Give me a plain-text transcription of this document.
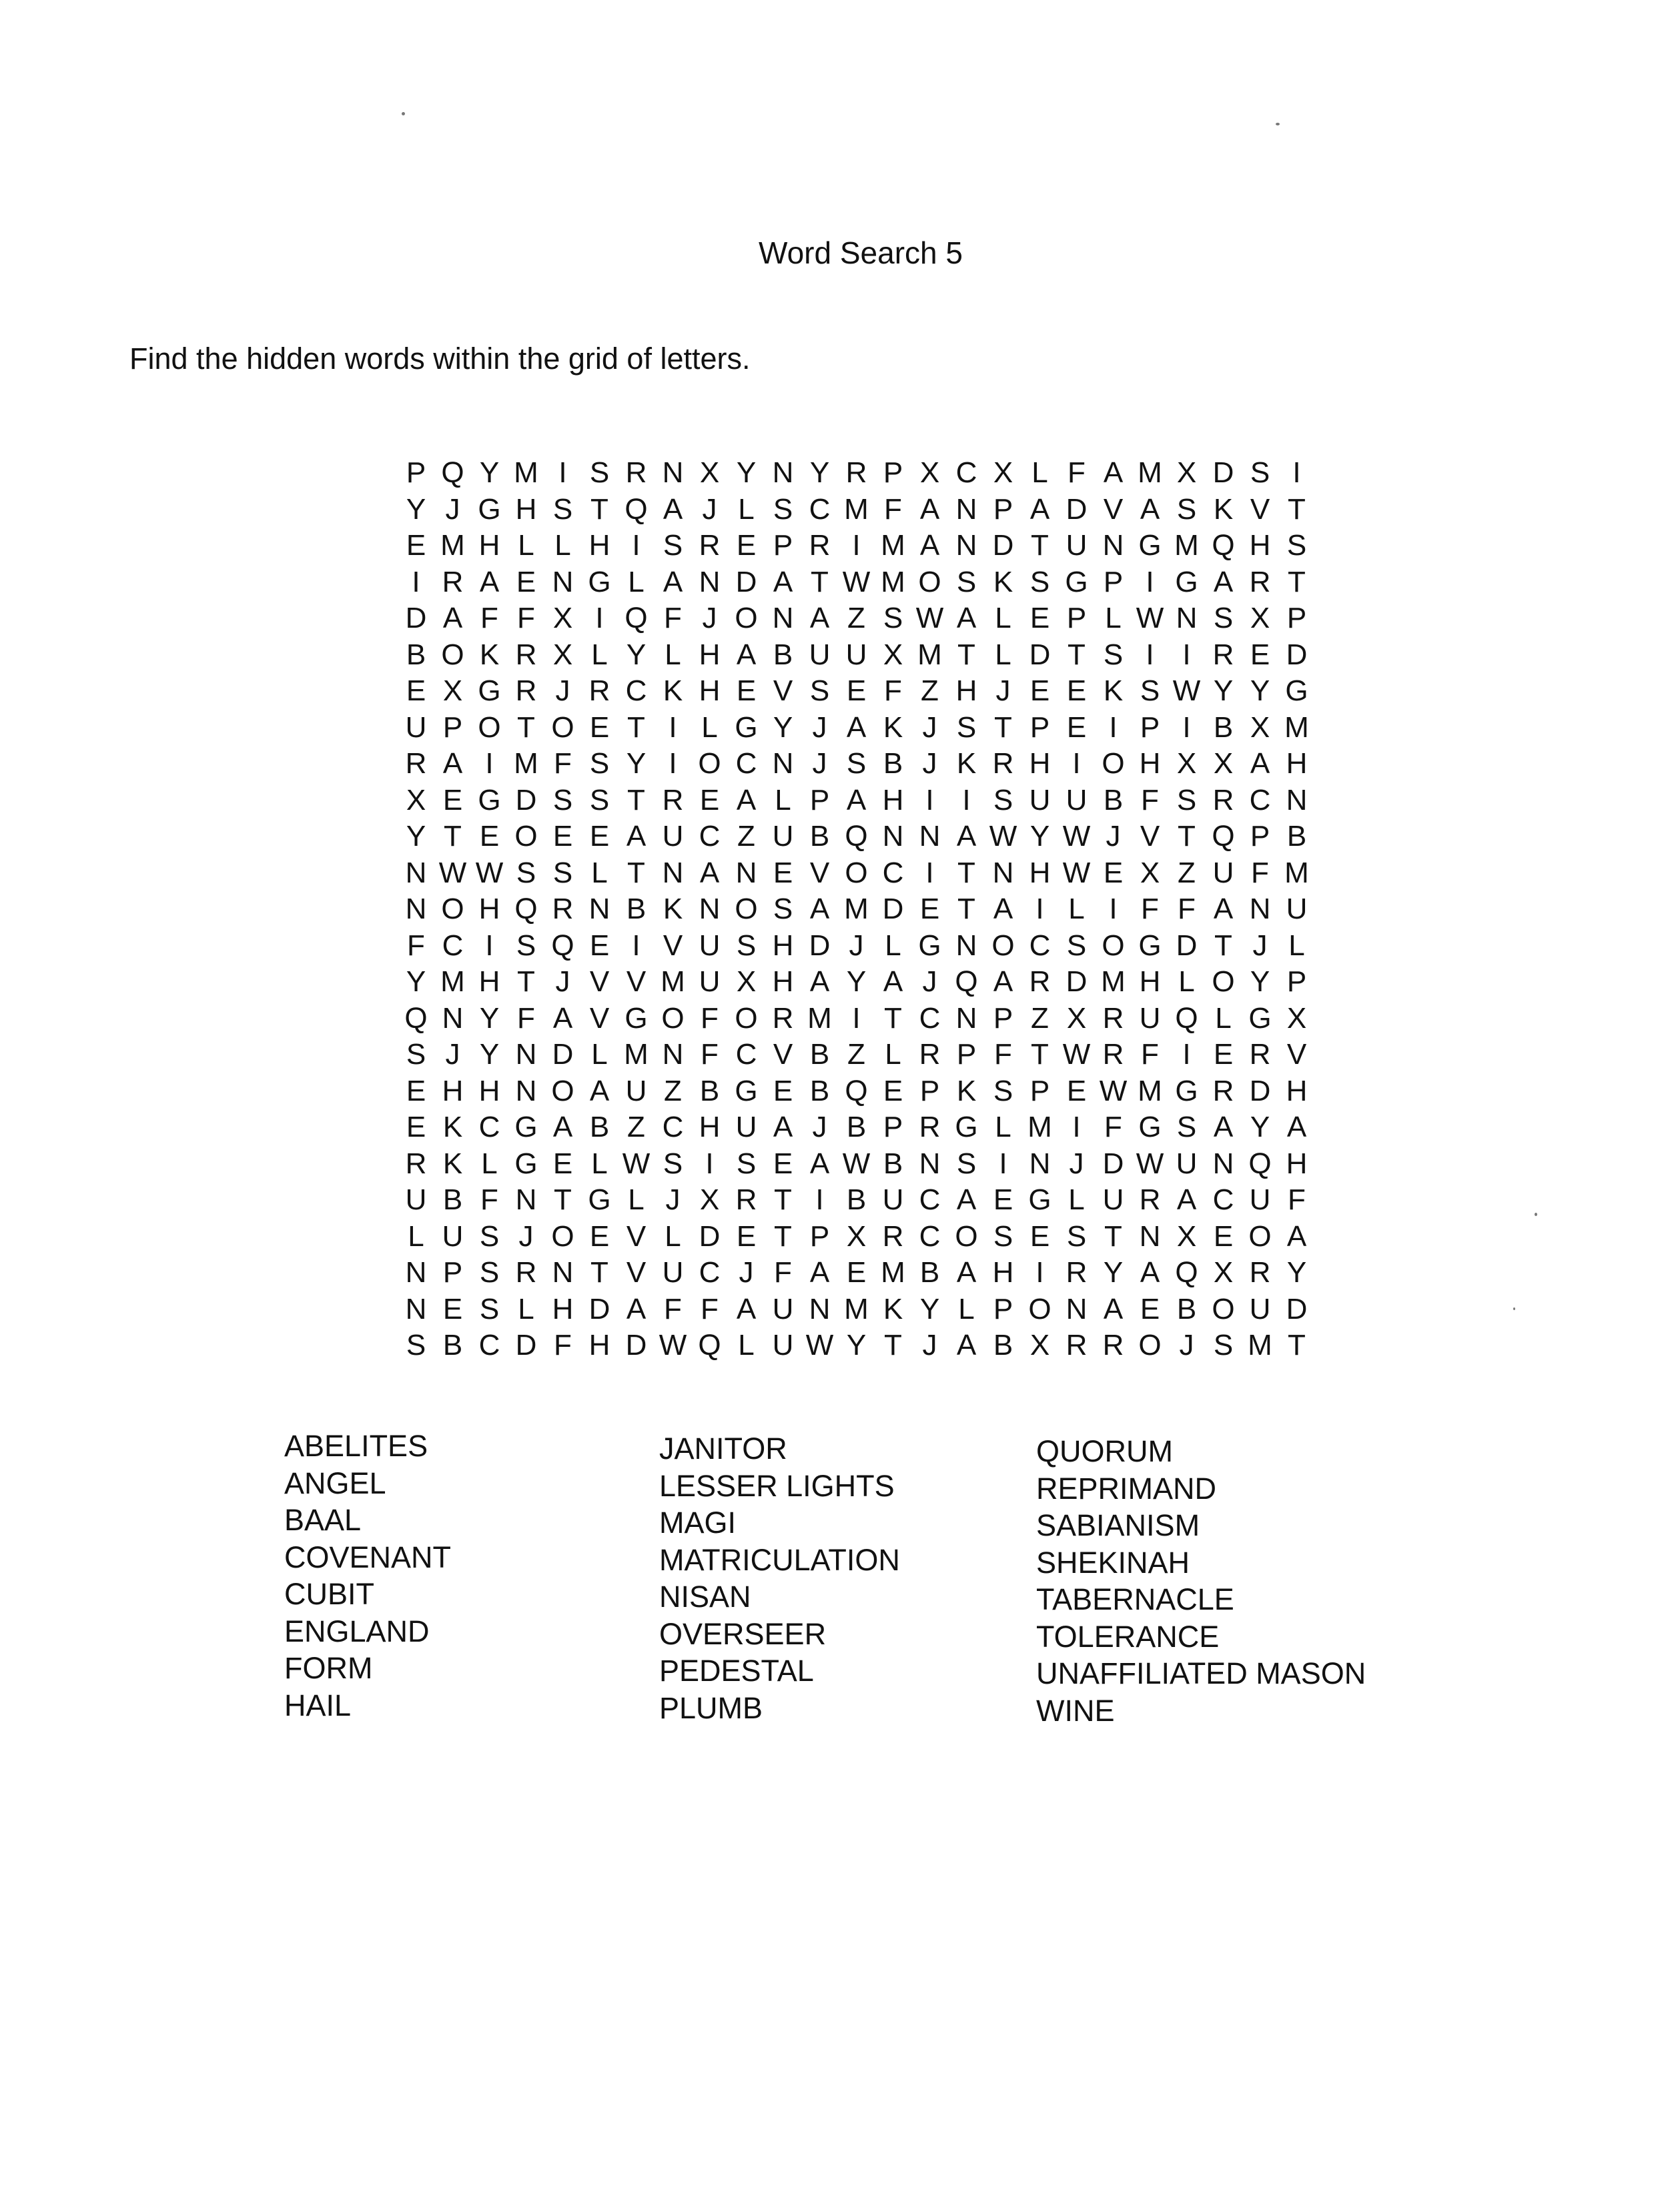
Word Search 5
Find the hidden words within the grid of letters.
P Q Y M I S R N X Y N Y R P X C X L F A M X D S I
Y J G H S T Q A J L S C M F A N P A D V A S K V T
E M H L L H I S R E P R I M A N D T U N G M Q H S
I R A E N G L A N D A T W M O S K S G P I G A R T
D A F F X I Q F J O N A Z S W A L E P L W N S X P
B O K R X L Y L H A B U U X M T L D T S I I R E D
E X G R J R C K H E V S E F Z H J E E K S W Y Y G
U P O T O E T I L G Y J A K J S T P E I P I B X M
R A I M F S Y I O C N J S B J K R H I O H X X A H
X E G D S S T R E A L P A H I I S U U B F S R C N
Y T E O E E A U C Z U B Q N N A W Y W J V T Q P B
N W W S S L T N A N E V O C I T N H W E X Z U F M
N O H Q R N B K N O S A M D E T A I L I F F A N U
F C I S Q E I V U S H D J L G N O C S O G D T J L
Y M H T J V V M U X H A Y A J Q A R D M H L O Y P
Q N Y F A V G O F O R M I T C N P Z X R U Q L G X
S J Y N D L M N F C V B Z L R P F T W R F I E R V
E H H N O A U Z B G E B Q E P K S P E W M G R D H
E K C G A B Z C H U A J B P R G L M I F G S A Y A
R K L G E L W S I S E A W B N S I N J D W U N Q H
U B F N T G L J X R T I B U C A E G L U R A C U F
L U S J O E V L D E T P X R C O S E S T N X E O A
N P S R N T V U C J F A E M B A H I R Y A Q X R Y
N E S L H D A F F A U N M K Y L P O N A E B O U D
S B C D F H D W Q L U W Y T J A B X R R O J S M T
ABELITES
ANGEL
BAAL
COVENANT
CUBIT
ENGLAND
FORM
HAIL
JANITOR
LESSER LIGHTS
MAGI
MATRICULATION
NISAN
OVERSEER
PEDESTAL
PLUMB
QUORUM
REPRIMAND
SABIANISM
SHEKINAH
TABERNACLE
TOLERANCE
UNAFFILIATED MASON
WINE
